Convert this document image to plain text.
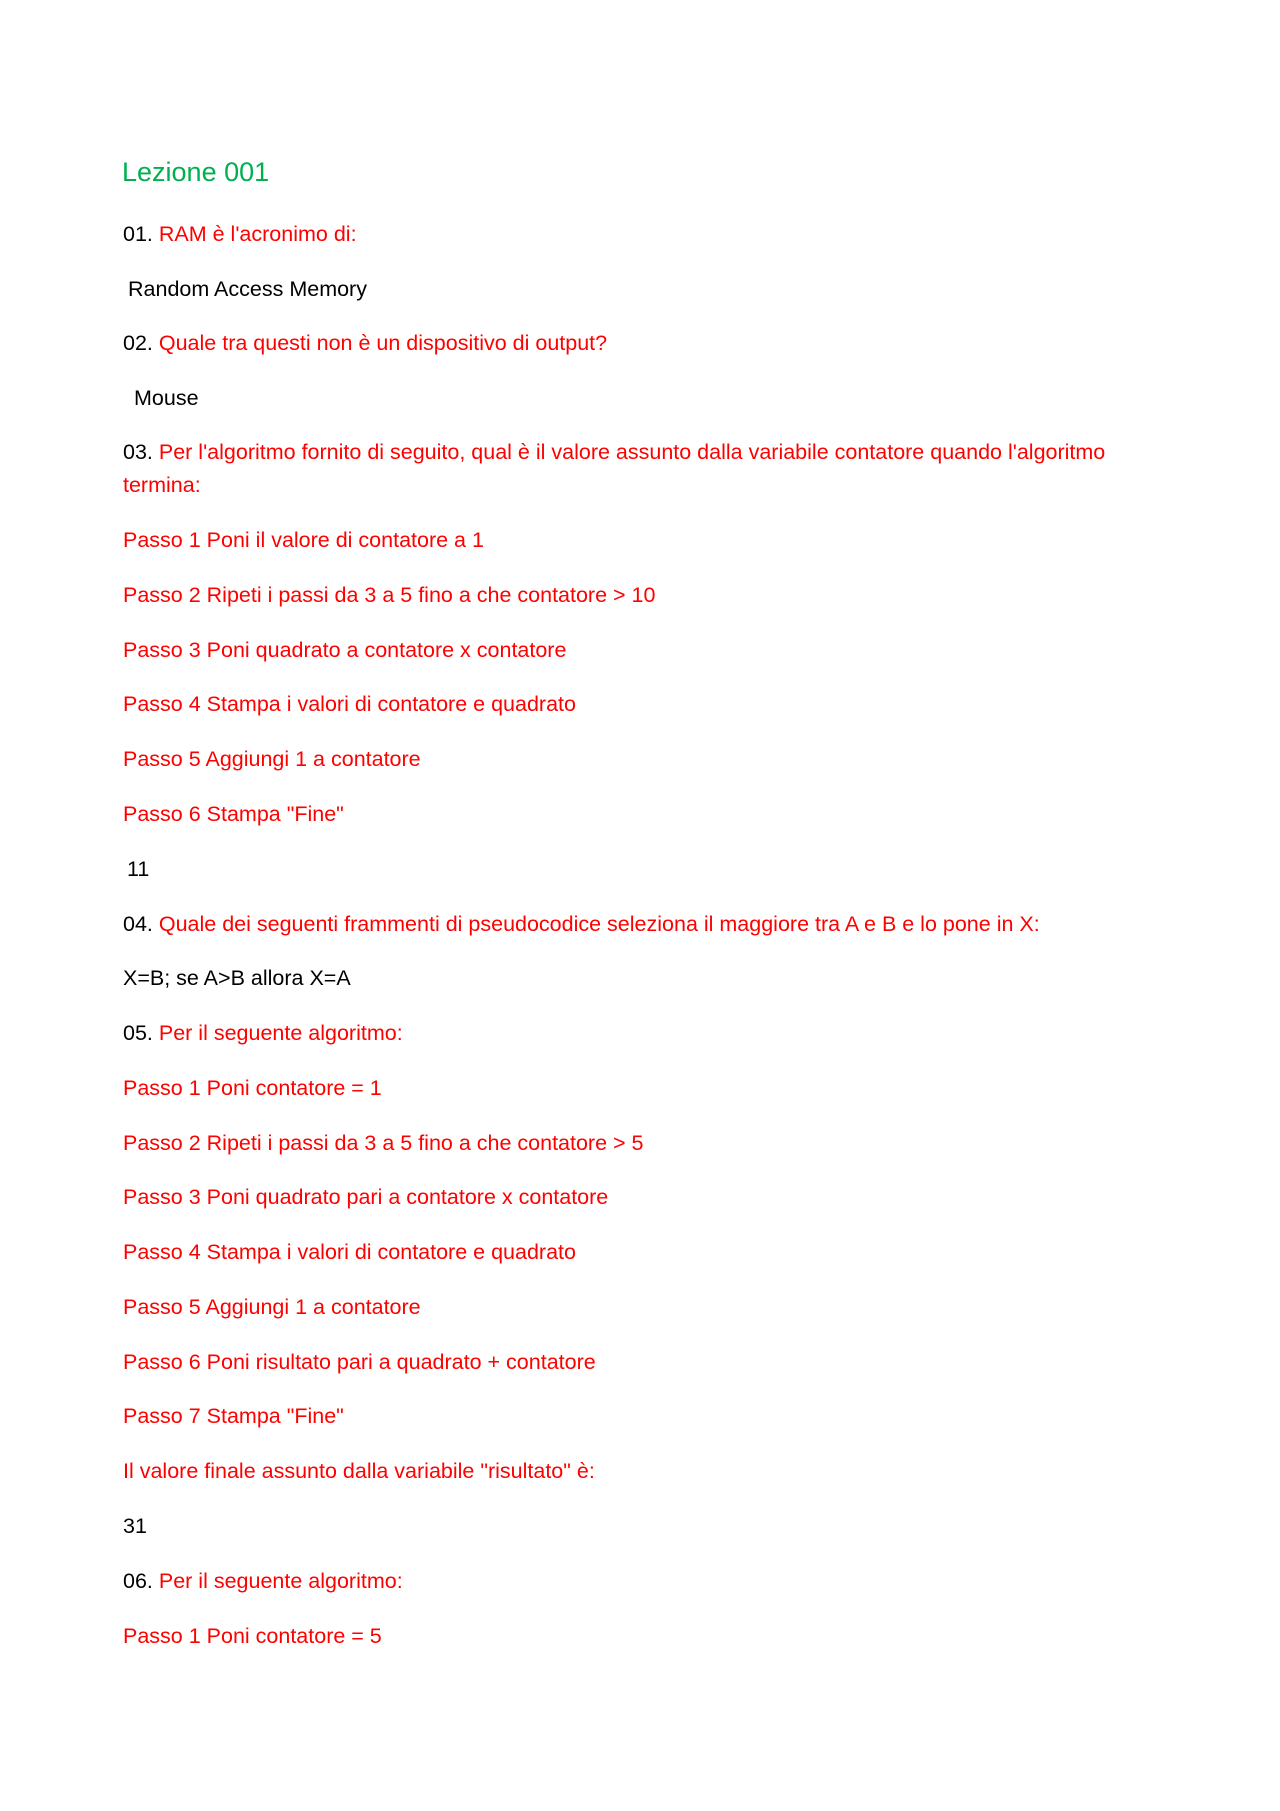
Lezione 001
01. RAM è l'acronimo di:
Random Access Memory
02. Quale tra questi non è un dispositivo di output?
Mouse
03. Per l'algoritmo fornito di seguito, qual è il valore assunto dalla variabile contatore quando l'algoritmo termina:
Passo 1 Poni il valore di contatore a 1
Passo 2 Ripeti i passi da 3 a 5 fino a che contatore > 10
Passo 3 Poni quadrato a contatore x contatore
Passo 4 Stampa i valori di contatore e quadrato
Passo 5 Aggiungi 1 a contatore
Passo 6 Stampa "Fine"
11
04. Quale dei seguenti frammenti di pseudocodice seleziona il maggiore tra A e B e lo pone in X:
X=B; se A>B allora X=A
05. Per il seguente algoritmo:
Passo 1 Poni contatore = 1
Passo 2 Ripeti i passi da 3 a 5 fino a che contatore > 5
Passo 3 Poni quadrato pari a contatore x contatore
Passo 4 Stampa i valori di contatore e quadrato
Passo 5 Aggiungi 1 a contatore
Passo 6 Poni risultato pari a quadrato + contatore
Passo 7 Stampa "Fine"
Il valore finale assunto dalla variabile "risultato" è:
31
06. Per il seguente algoritmo:
Passo 1 Poni contatore = 5
